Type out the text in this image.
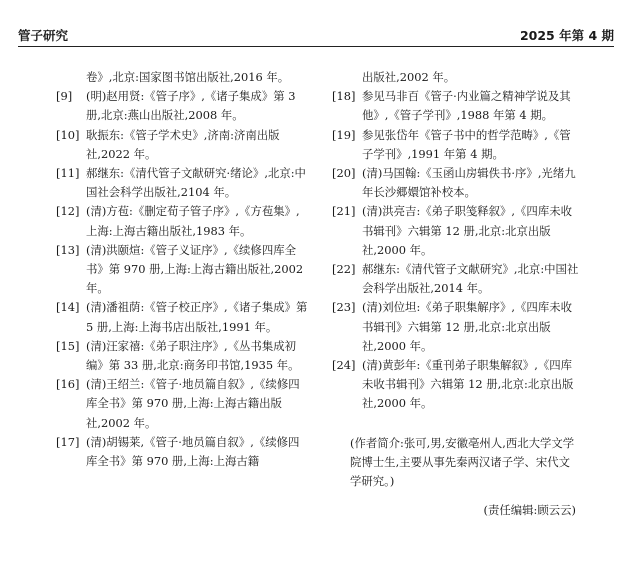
管子研究	2025 年第 4 期
卷》,北京:国家图书馆出版社,2016 年。
[9] (明)赵用贤:《管子序》,《诸子集成》第 3 册,北京:燕山出版社,2008 年。
[10] 耿振东:《管子学术史》,济南:济南出版社,2022 年。
[11] 郝继东:《清代管子文献研究·绪论》,北京:中国社会科学出版社,2104 年。
[12] (清)方苞:《删定荀子管子序》,《方苞集》,上海:上海古籍出版社,1983 年。
[13] (清)洪颐煊:《管子义证序》,《续修四库全书》第 970 册,上海:上海古籍出版社,2002 年。
[14] (清)潘祖荫:《管子校正序》,《诸子集成》第 5 册,上海:上海书店出版社,1991 年。
[15] (清)汪家禧:《弟子职注序》,《丛书集成初编》第 33 册,北京:商务印书馆,1935 年。
[16] (清)王绍兰:《管子·地员篇自叙》,《续修四库全书》第 970 册,上海:上海古籍出版社,2002 年。
[17] (清)胡锡莱,《管子·地员篇自叙》,《续修四库全书》第 970 册,上海:上海古籍
出版社,2002 年。
[18] 参见马非百《管子·内业篇之精神学说及其他》,《管子学刊》,1988 年第 4 期。
[19] 参见张岱年《管子书中的哲学范畴》,《管子学刊》,1991 年第 4 期。
[20] (清)马国翰:《玉函山房辑佚书·序》,光绪九年长沙郷嬛馆补校本。
[21] (清)洪亮吉:《弟子职笺释叙》,《四库未收书辑刊》六辑第 12 册,北京:北京出版社,2000 年。
[22] 郝继东:《清代管子文献研究》,北京:中国社会科学出版社,2014 年。
[23] (清)刘位坦:《弟子职集解序》,《四库未收书辑刊》六辑第 12 册,北京:北京出版社,2000 年。
[24] (清)黄彭年:《重刊弟子职集解叙》,《四库未收书辑刊》六辑第 12 册,北京:北京出版社,2000 年。
(作者简介:张可,男,安徽亳州人,西北大学文学院博士生,主要从事先秦两汉诸子学、宋代文学研究。)
(责任编辑:顾云云)
